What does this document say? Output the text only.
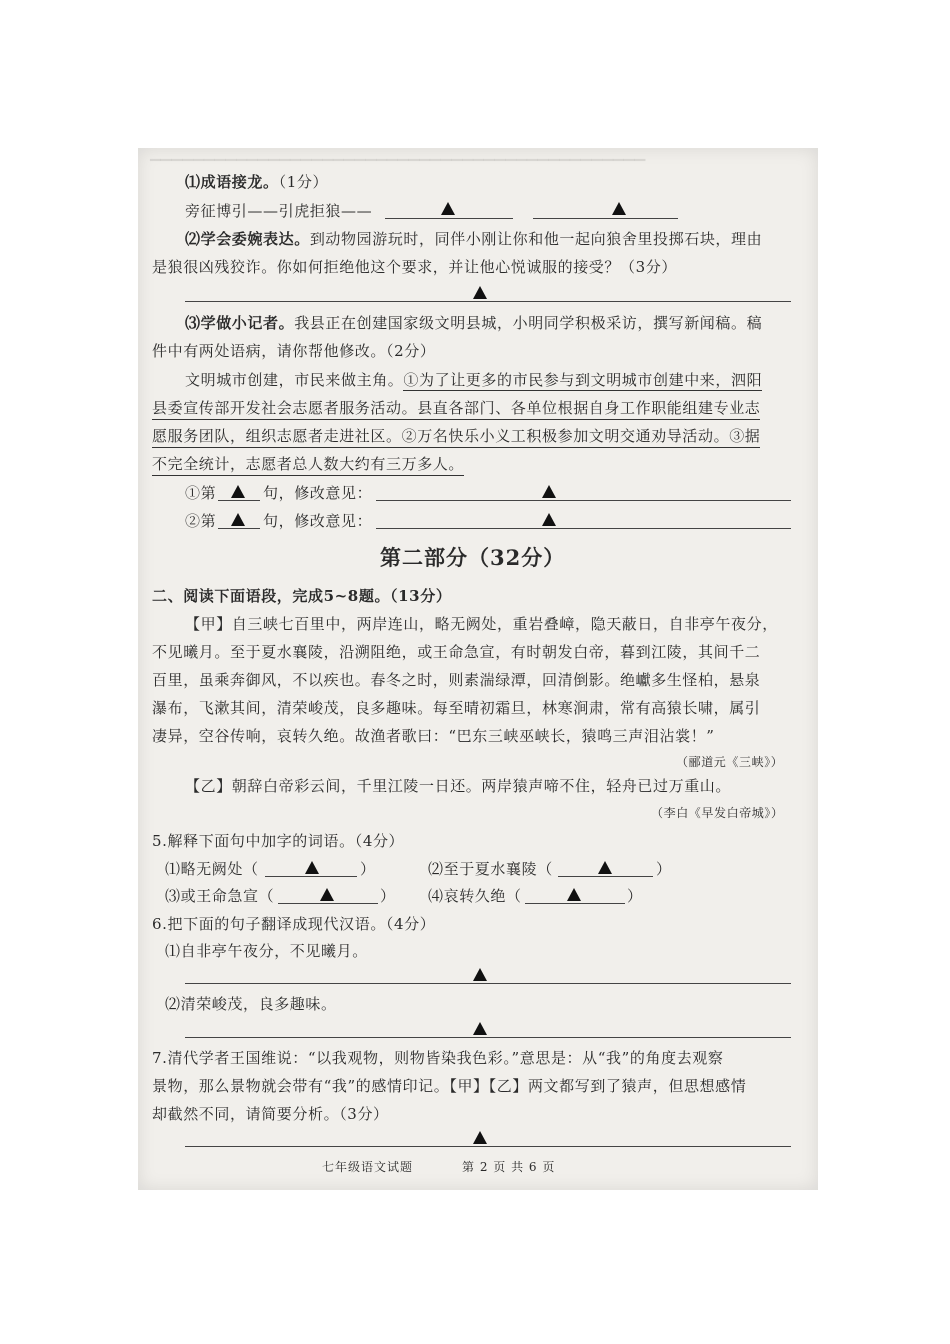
▔▔▔▔▔▔▔▔▔▔▔▔▔▔▔▔▔▔▔▔▔▔▔▔▔▔▔▔▔▔▔▔▔▔▔▔▔▔▔▔▔▔▔▔▔▔
⑴成语接龙。（1分）
旁征博引——引虎拒狼——
⑵学会委婉表达。到动物园游玩时，同伴小刚让你和他一起向狼舍里投掷石块，理由
是狼很凶残狡诈。你如何拒绝他这个要求，并让他心悦诚服的接受？（3分）
⑶学做小记者。我县正在创建国家级文明县城，小明同学积极采访，撰写新闻稿。稿
件中有两处语病，请你帮他修改。（2分）
文明城市创建，市民来做主角。①为了让更多的市民参与到文明城市创建中来，泗阳
县委宣传部开发社会志愿者服务活动。县直各部门、各单位根据自身工作职能组建专业志
愿服务团队，组织志愿者走进社区。②万名快乐小义工积极参加文明交通劝导活动。③据
不完全统计，志愿者总人数大约有三万多人。
①第	句，修改意见：
②第	句，修改意见：
第二部分（32分）
二、阅读下面语段，完成5~8题。（13分）
【甲】自三峡七百里中，两岸连山，略无阙处，重岩叠嶂，隐天蔽日，自非亭午夜分，
不见曦月。至于夏水襄陵，沿溯阻绝，或王命急宣，有时朝发白帝，暮到江陵，其间千二
百里，虽乘奔御风，不以疾也。春冬之时，则素湍绿潭，回清倒影。绝巘多生怪柏，悬泉
瀑布，飞漱其间，清荣峻茂，良多趣味。每至晴初霜旦，林寒涧肃，常有高猿长啸，属引
凄异，空谷传响，哀转久绝。故渔者歌曰：“巴东三峡巫峡长，猿鸣三声泪沾裳！”
（郦道元《三峡》）
【乙】朝辞白帝彩云间，千里江陵一日还。两岸猿声啼不住，轻舟已过万重山。
（李白《早发白帝城》）
5.解释下面句中加字的词语。（4分）
⑴略无阙处（	）	⑵至于夏水襄陵（	）
⑶或王命急宣（	） ⑷哀转久绝（	）
6.把下面的句子翻译成现代汉语。（4分）
⑴自非亭午夜分，不见曦月。
⑵清荣峻茂，良多趣味。
7.清代学者王国维说：“以我观物，则物皆染我色彩。”意思是：从“我”的角度去观察
景物，那么景物就会带有“我”的感情印记。【甲】【乙】两文都写到了猿声，但思想感情
却截然不同，请简要分析。（3分）
七年级语文试题	第 2 页 共 6 页
